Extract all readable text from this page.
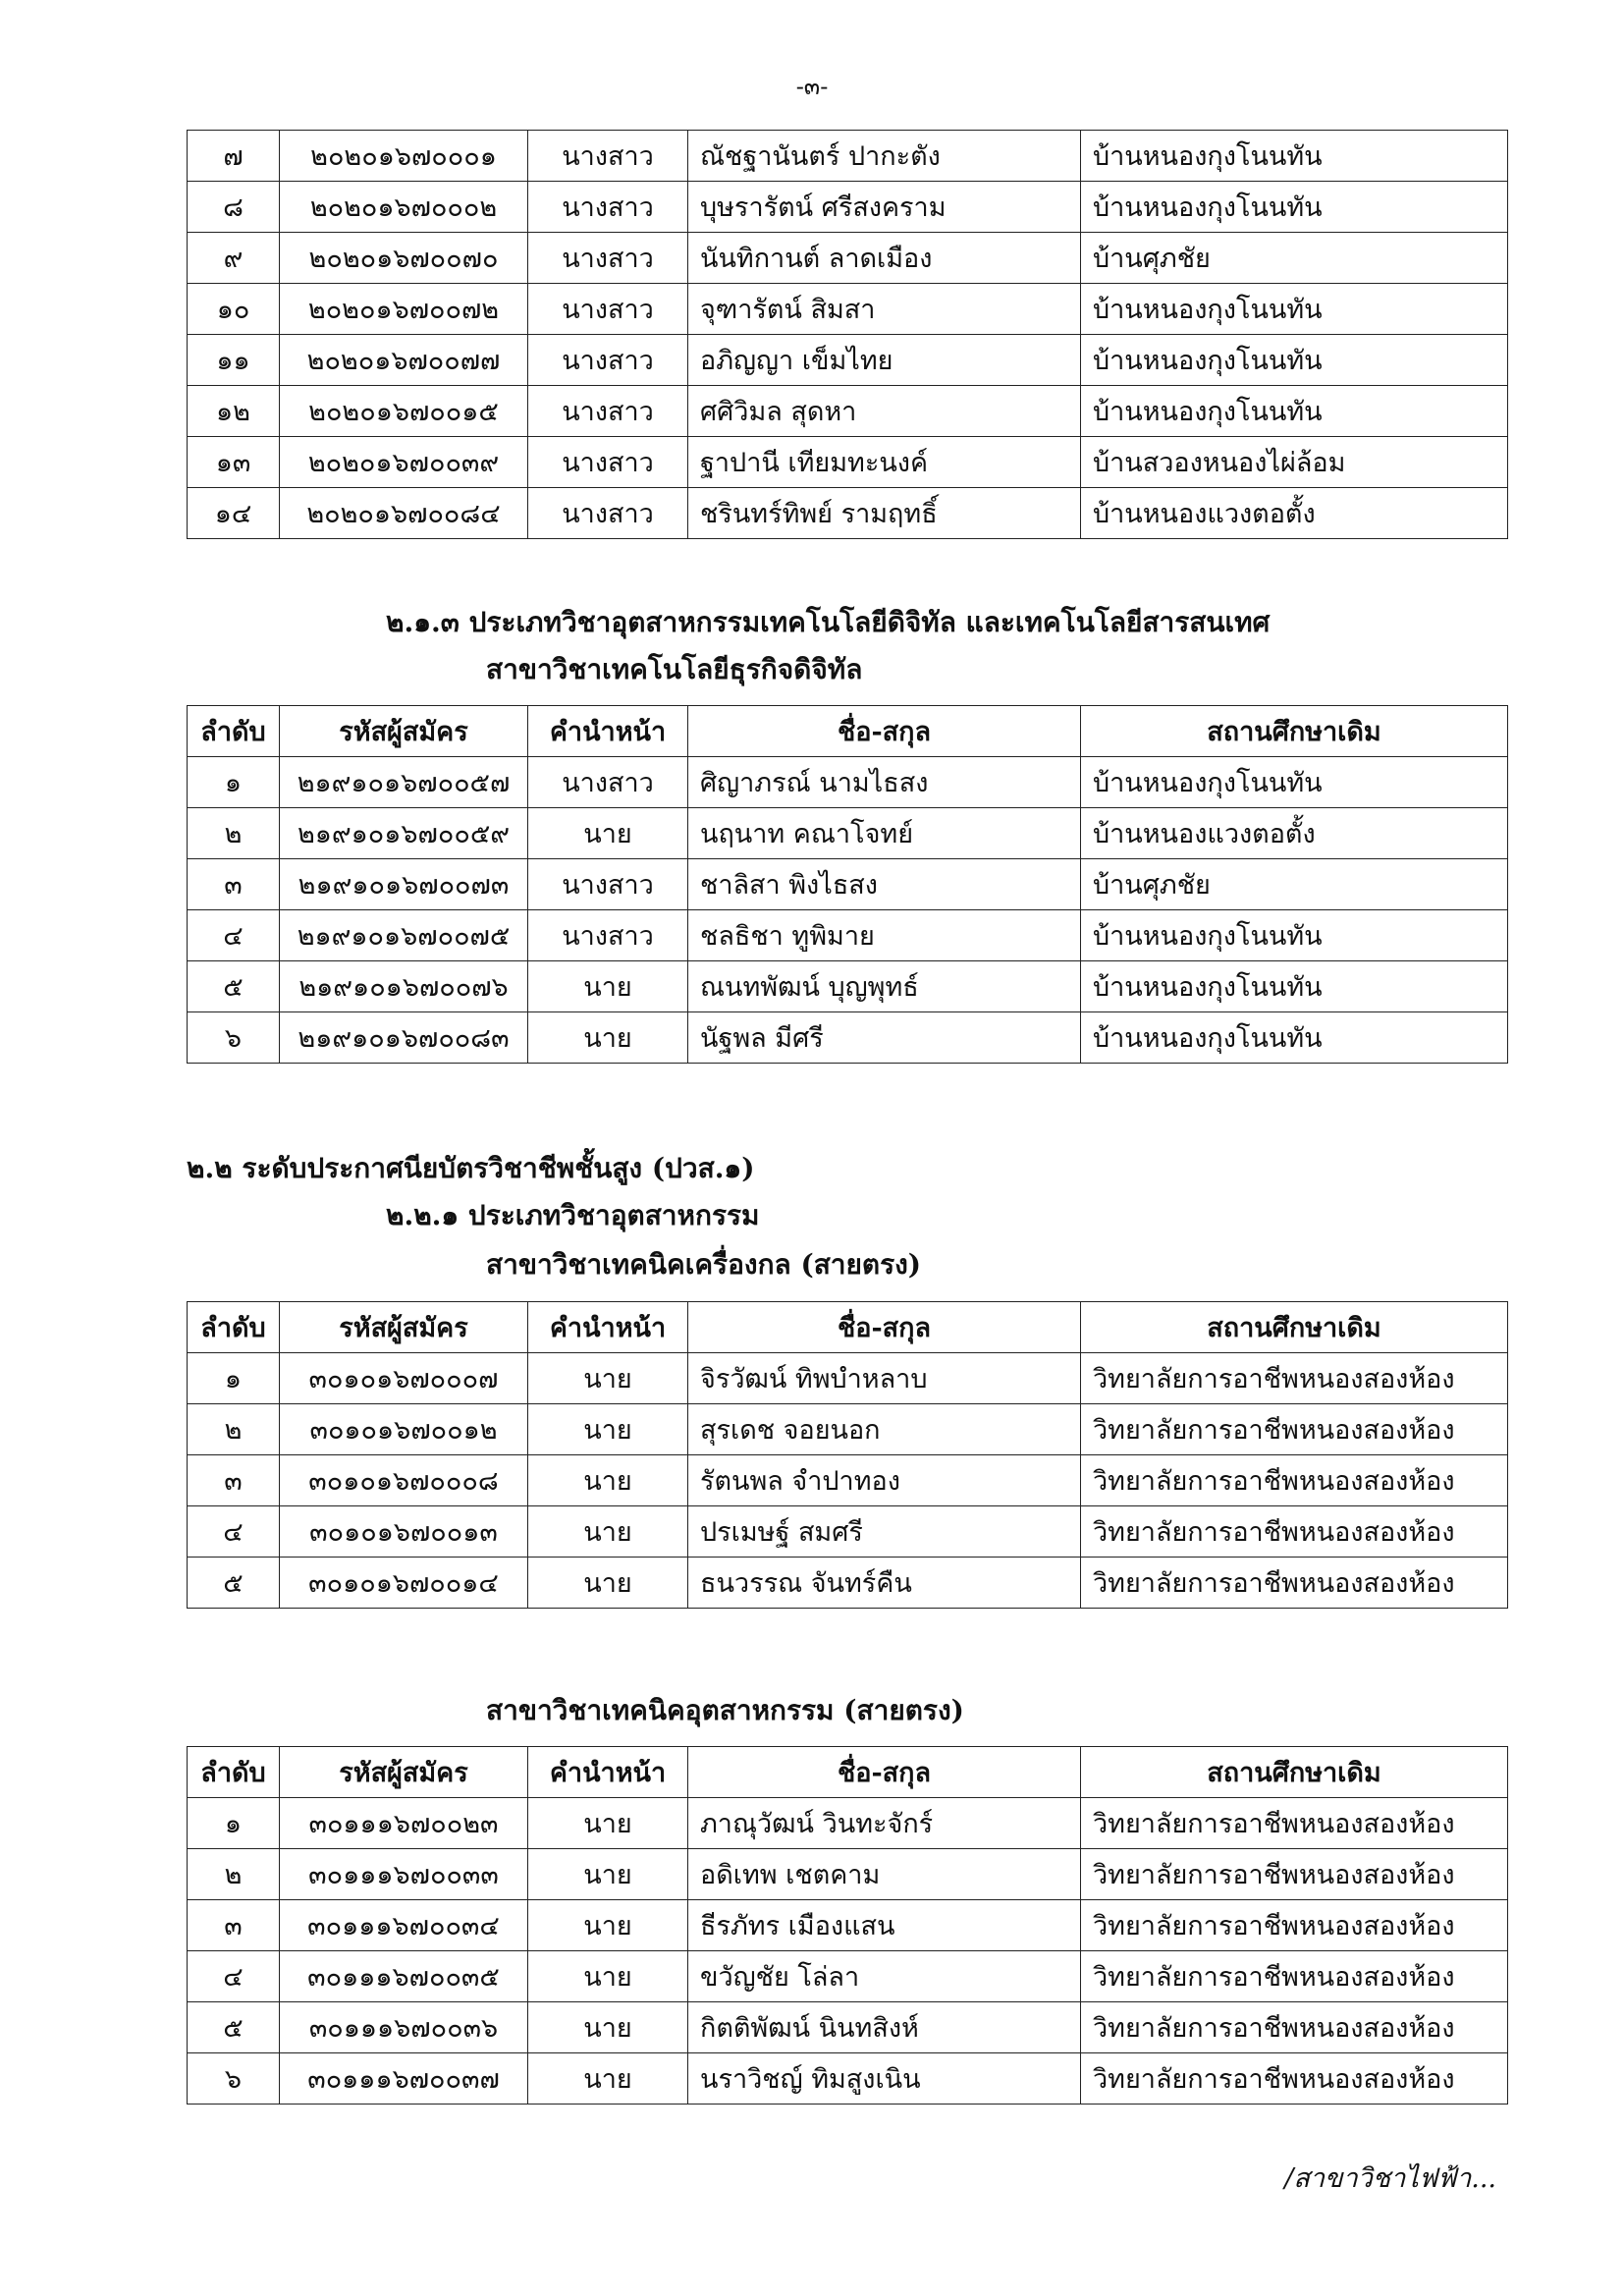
-๓-
๗	๒๐๒๐๑๖๗๐๐๐๑	นางสาว	ณัชฐานันตร์ ปากะตัง	บ้านหนองกุงโนนทัน
๘	๒๐๒๐๑๖๗๐๐๐๒	นางสาว	บุษรารัตน์ ศรีสงคราม	บ้านหนองกุงโนนทัน
๙	๒๐๒๐๑๖๗๐๐๗๐	นางสาว	นันทิกานต์ ลาดเมือง	บ้านศุภชัย
๑๐	๒๐๒๐๑๖๗๐๐๗๒	นางสาว	จุฑารัตน์ สิมสา	บ้านหนองกุงโนนทัน
๑๑	๒๐๒๐๑๖๗๐๐๗๗	นางสาว	อภิญญา เข็มไทย	บ้านหนองกุงโนนทัน
๑๒	๒๐๒๐๑๖๗๐๐๑๕	นางสาว	ศศิวิมล สุดหา	บ้านหนองกุงโนนทัน
๑๓	๒๐๒๐๑๖๗๐๐๓๙	นางสาว	ฐาปานี เทียมทะนงค์	บ้านสวองหนองไผ่ล้อม
๑๔	๒๐๒๐๑๖๗๐๐๘๔	นางสาว	ชรินทร์ทิพย์ รามฤทธิ์	บ้านหนองแวงตอตั้ง
๒.๑.๓ ประเภทวิชาอุตสาหกรรมเทคโนโลยีดิจิทัล และเทคโนโลยีสารสนเทศ
สาขาวิชาเทคโนโลยีธุรกิจดิจิทัล
ลำดับ	รหัสผู้สมัคร	คำนำหน้า	ชื่อ-สกุล	สถานศึกษาเดิม
๑	๒๑๙๑๐๑๖๗๐๐๕๗	นางสาว	ศิญาภรณ์ นามไธสง	บ้านหนองกุงโนนทัน
๒	๒๑๙๑๐๑๖๗๐๐๕๙	นาย	นฤนาท คณาโจทย์	บ้านหนองแวงตอตั้ง
๓	๒๑๙๑๐๑๖๗๐๐๗๓	นางสาว	ชาลิสา พิงไธสง	บ้านศุภชัย
๔	๒๑๙๑๐๑๖๗๐๐๗๕	นางสาว	ชลธิชา ทูพิมาย	บ้านหนองกุงโนนทัน
๕	๒๑๙๑๐๑๖๗๐๐๗๖	นาย	ณนทพัฒน์ บุญพุทธ์	บ้านหนองกุงโนนทัน
๖	๒๑๙๑๐๑๖๗๐๐๘๓	นาย	นัฐพล มีศรี	บ้านหนองกุงโนนทัน
๒.๒ ระดับประกาศนียบัตรวิชาชีพชั้นสูง (ปวส.๑)
๒.๒.๑ ประเภทวิชาอุตสาหกรรม
สาขาวิชาเทคนิคเครื่องกล (สายตรง)
ลำดับ	รหัสผู้สมัคร	คำนำหน้า	ชื่อ-สกุล	สถานศึกษาเดิม
๑	๓๐๑๐๑๖๗๐๐๐๗	นาย	จิรวัฒน์ ทิพบำหลาบ	วิทยาลัยการอาชีพหนองสองห้อง
๒	๓๐๑๐๑๖๗๐๐๑๒	นาย	สุรเดช จอยนอก	วิทยาลัยการอาชีพหนองสองห้อง
๓	๓๐๑๐๑๖๗๐๐๐๘	นาย	รัตนพล จำปาทอง	วิทยาลัยการอาชีพหนองสองห้อง
๔	๓๐๑๐๑๖๗๐๐๑๓	นาย	ปรเมษฐ์ สมศรี	วิทยาลัยการอาชีพหนองสองห้อง
๕	๓๐๑๐๑๖๗๐๐๑๔	นาย	ธนวรรณ จันทร์คืน	วิทยาลัยการอาชีพหนองสองห้อง
สาขาวิชาเทคนิคอุตสาหกรรม (สายตรง)
ลำดับ	รหัสผู้สมัคร	คำนำหน้า	ชื่อ-สกุล	สถานศึกษาเดิม
๑	๓๐๑๑๑๖๗๐๐๒๓	นาย	ภาณุวัฒน์ วินทะจักร์	วิทยาลัยการอาชีพหนองสองห้อง
๒	๓๐๑๑๑๖๗๐๐๓๓	นาย	อดิเทพ เชตคาม	วิทยาลัยการอาชีพหนองสองห้อง
๓	๓๐๑๑๑๖๗๐๐๓๔	นาย	ธีรภัทร เมืองแสน	วิทยาลัยการอาชีพหนองสองห้อง
๔	๓๐๑๑๑๖๗๐๐๓๕	นาย	ขวัญชัย โล่ลา	วิทยาลัยการอาชีพหนองสองห้อง
๕	๓๐๑๑๑๖๗๐๐๓๖	นาย	กิตติพัฒน์ นินทสิงห์	วิทยาลัยการอาชีพหนองสองห้อง
๖	๓๐๑๑๑๖๗๐๐๓๗	นาย	นราวิชญ์ ทิมสูงเนิน	วิทยาลัยการอาชีพหนองสองห้อง
/สาขาวิชาไฟฟ้า...
